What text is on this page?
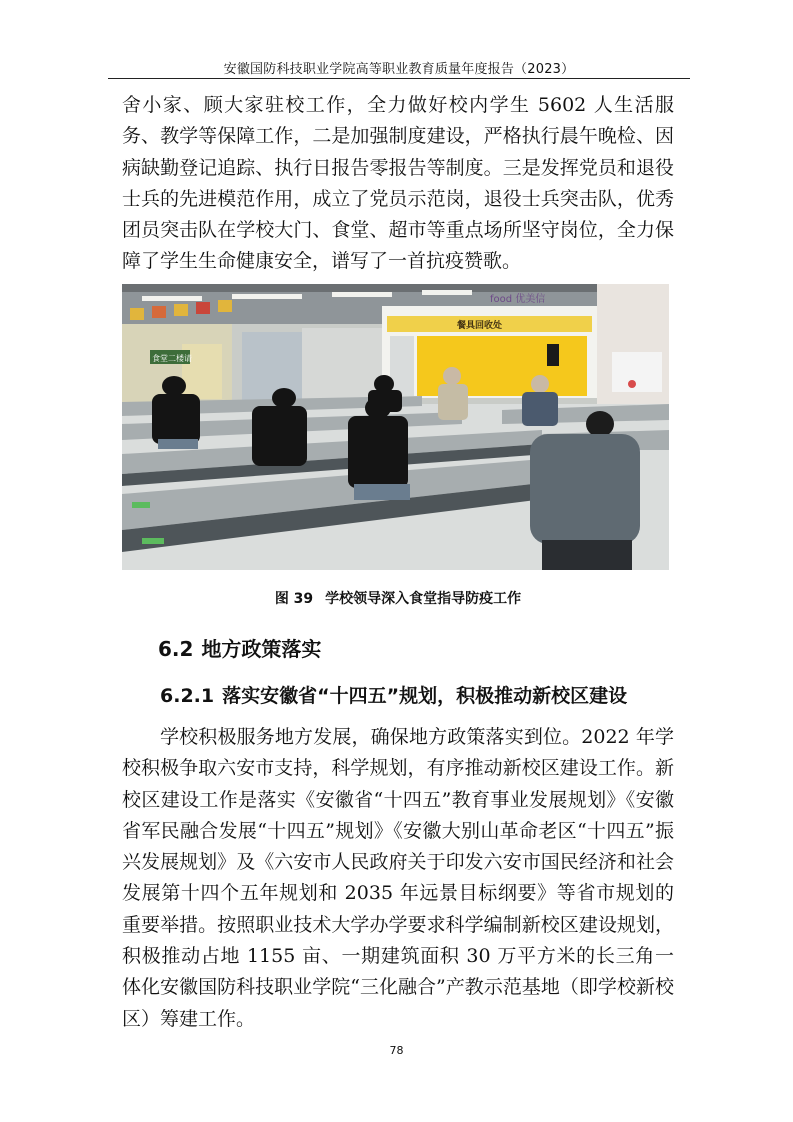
安徽国防科技职业学院高等职业教育质量年度报告（2023）
舍小家、顾大家驻校工作，全力做好校内学生 5602 人生活服务、教学等保障工作，二是加强制度建设，严格执行晨午晚检、因病缺勤登记追踪、执行日报告零报告等制度。三是发挥党员和退役士兵的先进模范作用，成立了党员示范岗，退役士兵突击队，优秀团员突击队在学校大门、食堂、超市等重点场所坚守岗位，全力保障了学生生命健康安全，谱写了一首抗疫赞歌。
食堂二楼请
餐具回收处
food 优美信
图 39 学校领导深入食堂指导防疫工作
6.2 地方政策落实
6.2.1 落实安徽省“十四五”规划，积极推动新校区建设
学校积极服务地方发展，确保地方政策落实到位。2022 年学校积极争取六安市支持，科学规划，有序推动新校区建设工作。新校区建设工作是落实《安徽省“十四五”教育事业发展规划》《安徽省军民融合发展“十四五”规划》《安徽大别山革命老区“十四五”振兴发展规划》及《六安市人民政府关于印发六安市国民经济和社会发展第十四个五年规划和 2035 年远景目标纲要》等省市规划的重要举措。按照职业技术大学办学要求科学编制新校区建设规划，积极推动占地 1155 亩、一期建筑面积 30 万平方米的长三角一体化安徽国防科技职业学院“三化融合”产教示范基地（即学校新校区）筹建工作。
78
